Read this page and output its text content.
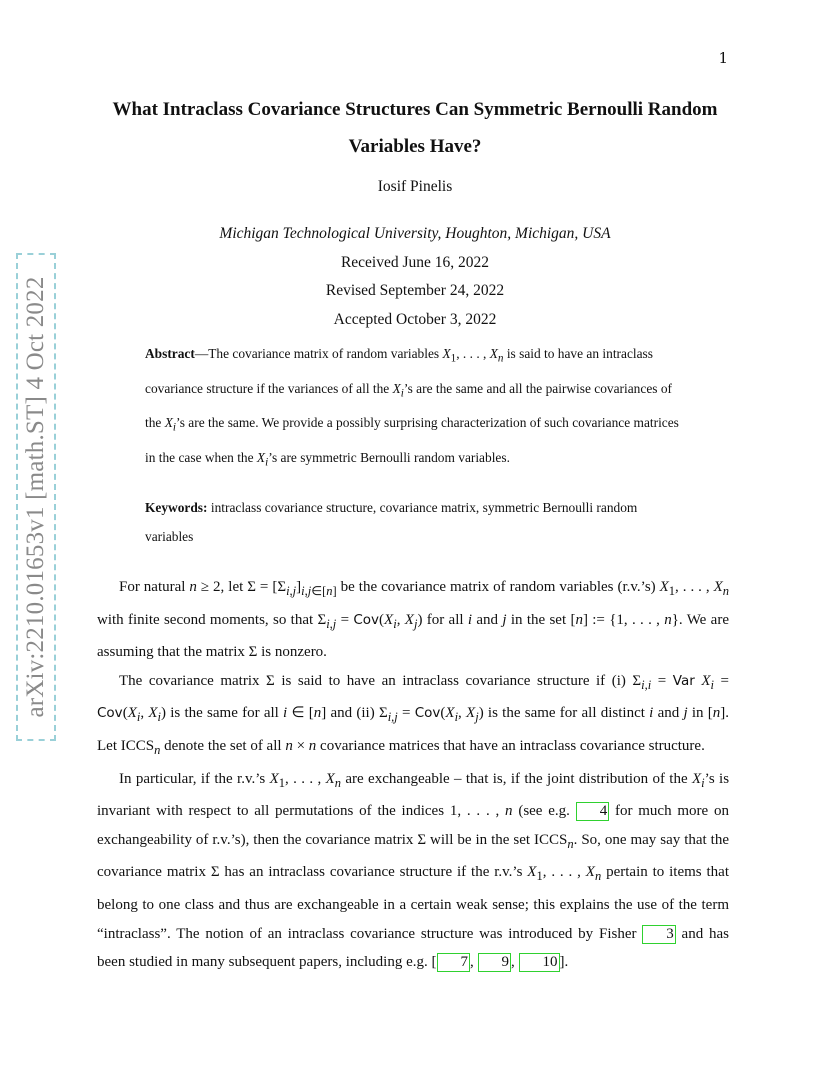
1
arXiv:2210.01653v1 [math.ST] 4 Oct 2022
What Intraclass Covariance Structures Can Symmetric Bernoulli Random Variables Have?
Iosif Pinelis
Michigan Technological University, Houghton, Michigan, USA
Received June 16, 2022
Revised September 24, 2022
Accepted October 3, 2022
Abstract—The covariance matrix of random variables $X_1$, . . . , $X_n$ is said to have an intraclass covariance structure if the variances of all the $X_i’s$ are the same and all the pairwise covariances of the $X_i’s$ are the same. We provide a possibly surprising characterization of such covariance matrices in the case when the $X_i’s$ are symmetric Bernoulli random variables.
Keywords: intraclass covariance structure, covariance matrix, symmetric Bernoulli random variables

For natural n ≥ 2, let $\Sigma = [\Sigma_{i,j}]_{i,j\in[n]}$ be the covariance matrix of random variables (r.v.’s) $X_1$, . . . , $X_n$ with finite second moments, so that $\Sigma_{i,j} = Cov(X_i$, $X_j$) for all i and j in the set [n] := {1, . . . , n}. We are assuming that the matrix Σ is nonzero.

The covariance matrix Σ is said to have an intraclass covariance structure if (i) $\Sigma_{i,i}$ = Var $X_i = Cov(X_i$, $X_i$) is the same for all i ∈ [n] and (ii) $\Sigma_{i,j} = Cov(X_i$, $X_j$) is the same for all distinct i and j in [n]. Let $ICCS_n$ denote the set of all n × n covariance matrices that have an intraclass covariance structure.

In particular, if the r.v.’s $X_1$, . . . , $X_n$ are exchangeable – that is, if the joint distribution of the $X_i’s$ is invariant with respect to all permutations of the indices 1, . . . , n (see e.g. 4 for much more on exchangeability of r.v.’s), then the covariance matrix Σ will be in the set $ICCS_n$. So, one may say that the covariance matrix Σ has an intraclass covariance structure if the r.v.’s $X_1$, . . . , $X_n$ pertain to items that belong to one class and thus are exchangeable in a certain weak sense; this explains the use of the term “intraclass”. The notion of an intraclass covariance structure was introduced by Fisher 3 and has been studied in many subsequent papers, including e.g. [ 7 , 9 , 10 ].
